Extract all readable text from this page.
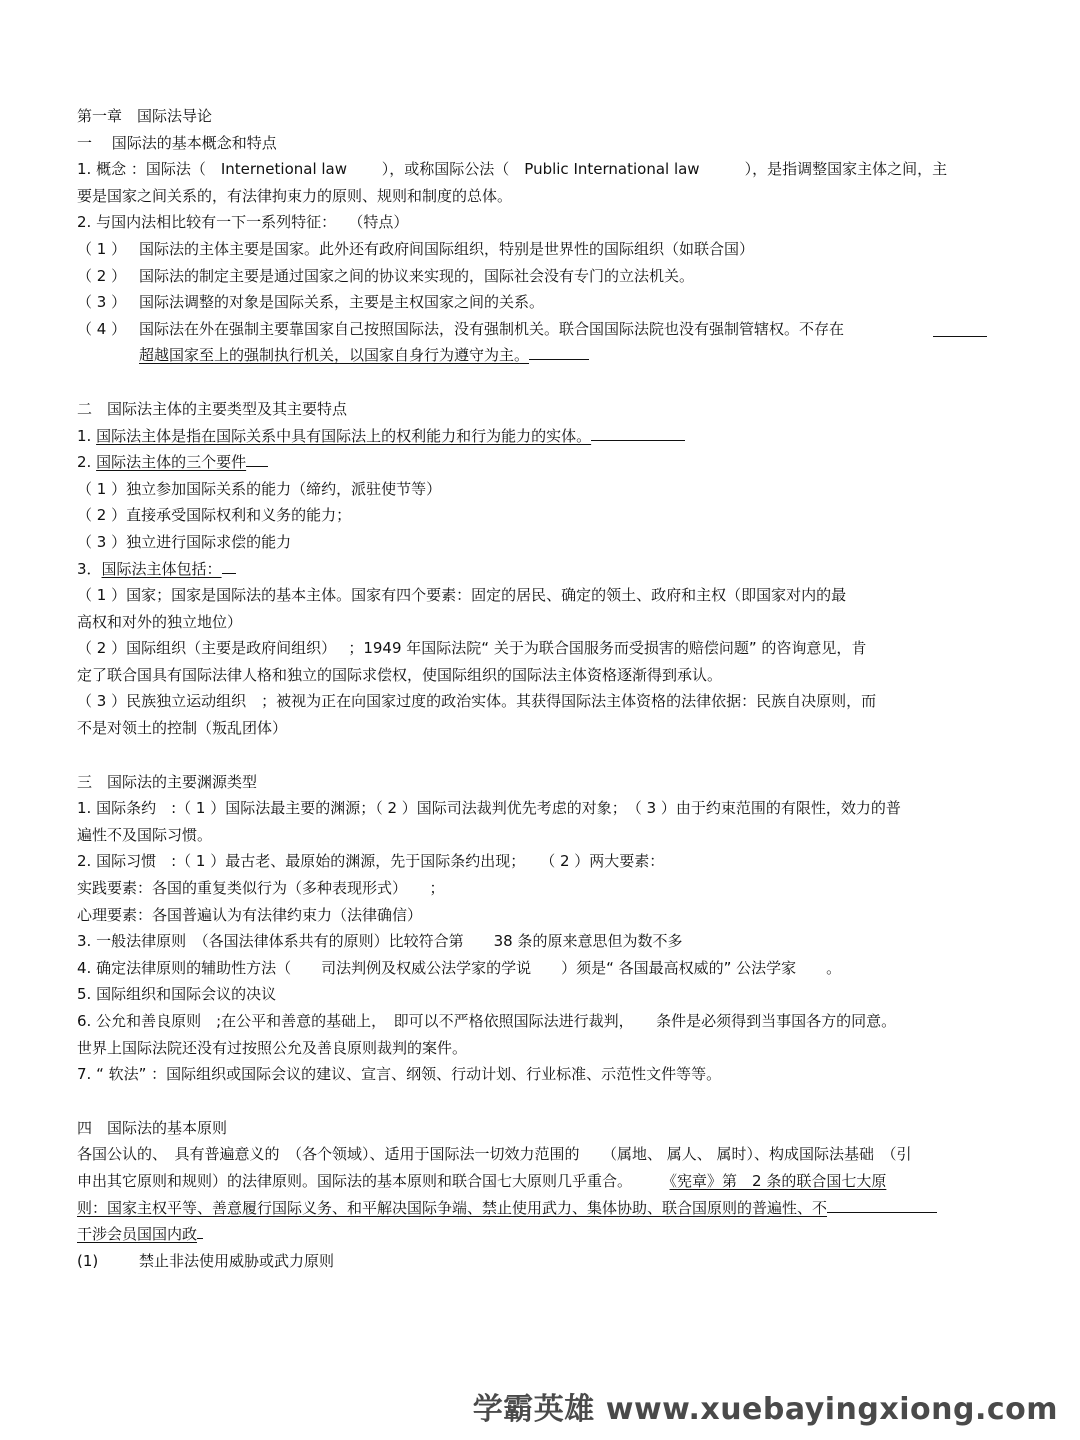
第一章　国际法导论
一　 国际法的基本概念和特点
1. 概念 ：国际法（　Internetional law　　 ），或称国际公法（　Public International law　　　），是指调整国家主体之间，主
要是国家之间关系的，有法律拘束力的原则、规则和制度的总体。
2. 与国内法相比较有一下一系列特征：　 （特点）
（ 1 ） 国际法的主体主要是国家。此外还有政府间国际组织，特别是世界性的国际组织（如联合国）
（ 2 ） 国际法的制定主要是通过国家之间的协议来实现的，国际社会没有专门的立法机关。
（ 3 ） 国际法调整的对象是国际关系，主要是主权国家之间的关系。
（ 4 ） 国际法在外在强制主要靠国家自己按照国际法，没有强制机关。联合国国际法院也没有强制管辖权。不存在
超越国家至上的强制执行机关，以国家自身行为遵守为主。
二　国际法主体的主要类型及其主要特点
1. 国际法主体是指在国际关系中具有国际法上的权利能力和行为能力的实体。
2. 国际法主体的三个要件
（ 1 ）独立参加国际关系的能力（缔约，派驻使节等）
（ 2 ）直接承受国际权利和义务的能力；
（ 3 ）独立进行国际求偿的能力
3．国际法主体包括：
（ 1 ）国家；国家是国际法的基本主体。国家有四个要素：固定的居民、确定的领土、政府和主权（即国家对内的最
高权和对外的独立地位）
（ 2 ）国际组织（主要是政府间组织）　 ；1949 年国际法院“ 关于为联合国服务而受损害的赔偿问题” 的咨询意见，肯
定了联合国具有国际法律人格和独立的国际求偿权，使国际组织的国际法主体资格逐渐得到承认。
（ 3 ）民族独立运动组织　；被视为正在向国家过度的政治实体。其获得国际法主体资格的法律依据：民族自决原则，而
不是对领土的控制（叛乱团体）
三　国际法的主要渊源类型
1. 国际条约　:（ 1 ）国际法最主要的渊源；（ 2 ）国际司法裁判优先考虑的对象；　（ 3 ）由于约束范围的有限性，效力的普
遍性不及国际习惯。
2. 国际习惯　:（ 1 ）最古老、最原始的渊源，先于国际条约出现；　　（ 2 ）两大要素：
实践要素：各国的重复类似行为（多种表现形式）　　；
心理要素：各国普遍认为有法律约束力（法律确信）
3. 一般法律原则　（各国法律体系共有的原则）比较符合第　　38 条的原来意思但为数不多
4. 确定法律原则的辅助性方法（　　司法判例及权威公法学家的学说　　）须是“ 各国最高权威的” 公法学家　　。
5. 国际组织和国际会议的决议
6. 公允和善良原则　;在公平和善意的基础上，　即可以不严格依照国际法进行裁判，　　条件是必须得到当事国各方的同意。
世界上国际法院还没有过按照公允及善良原则裁判的案件。
7. “ 软法” ：国际组织或国际会议的建议、宣言、纲领、行动计划、行业标准、示范性文件等等。
四　国际法的基本原则
各国公认的、　具有普遍意义的　（各个领域）、适用于国际法一切效力范围的　　（属地、 属人、 属时）、构成国际法基础　（引
申出其它原则和规则）的法律原则。国际法的基本原则和联合国七大原则几乎重合。　　　《宪章》第　2 条的联合国七大原
则：国家主权平等、善意履行国际义务、和平解决国际争端、禁止使用武力、集体协助、联合国原则的普遍性、不
干涉会员国国内政
(1)	禁止非法使用威胁或武力原则
学霸英雄 www.xuebayingxiong.com
